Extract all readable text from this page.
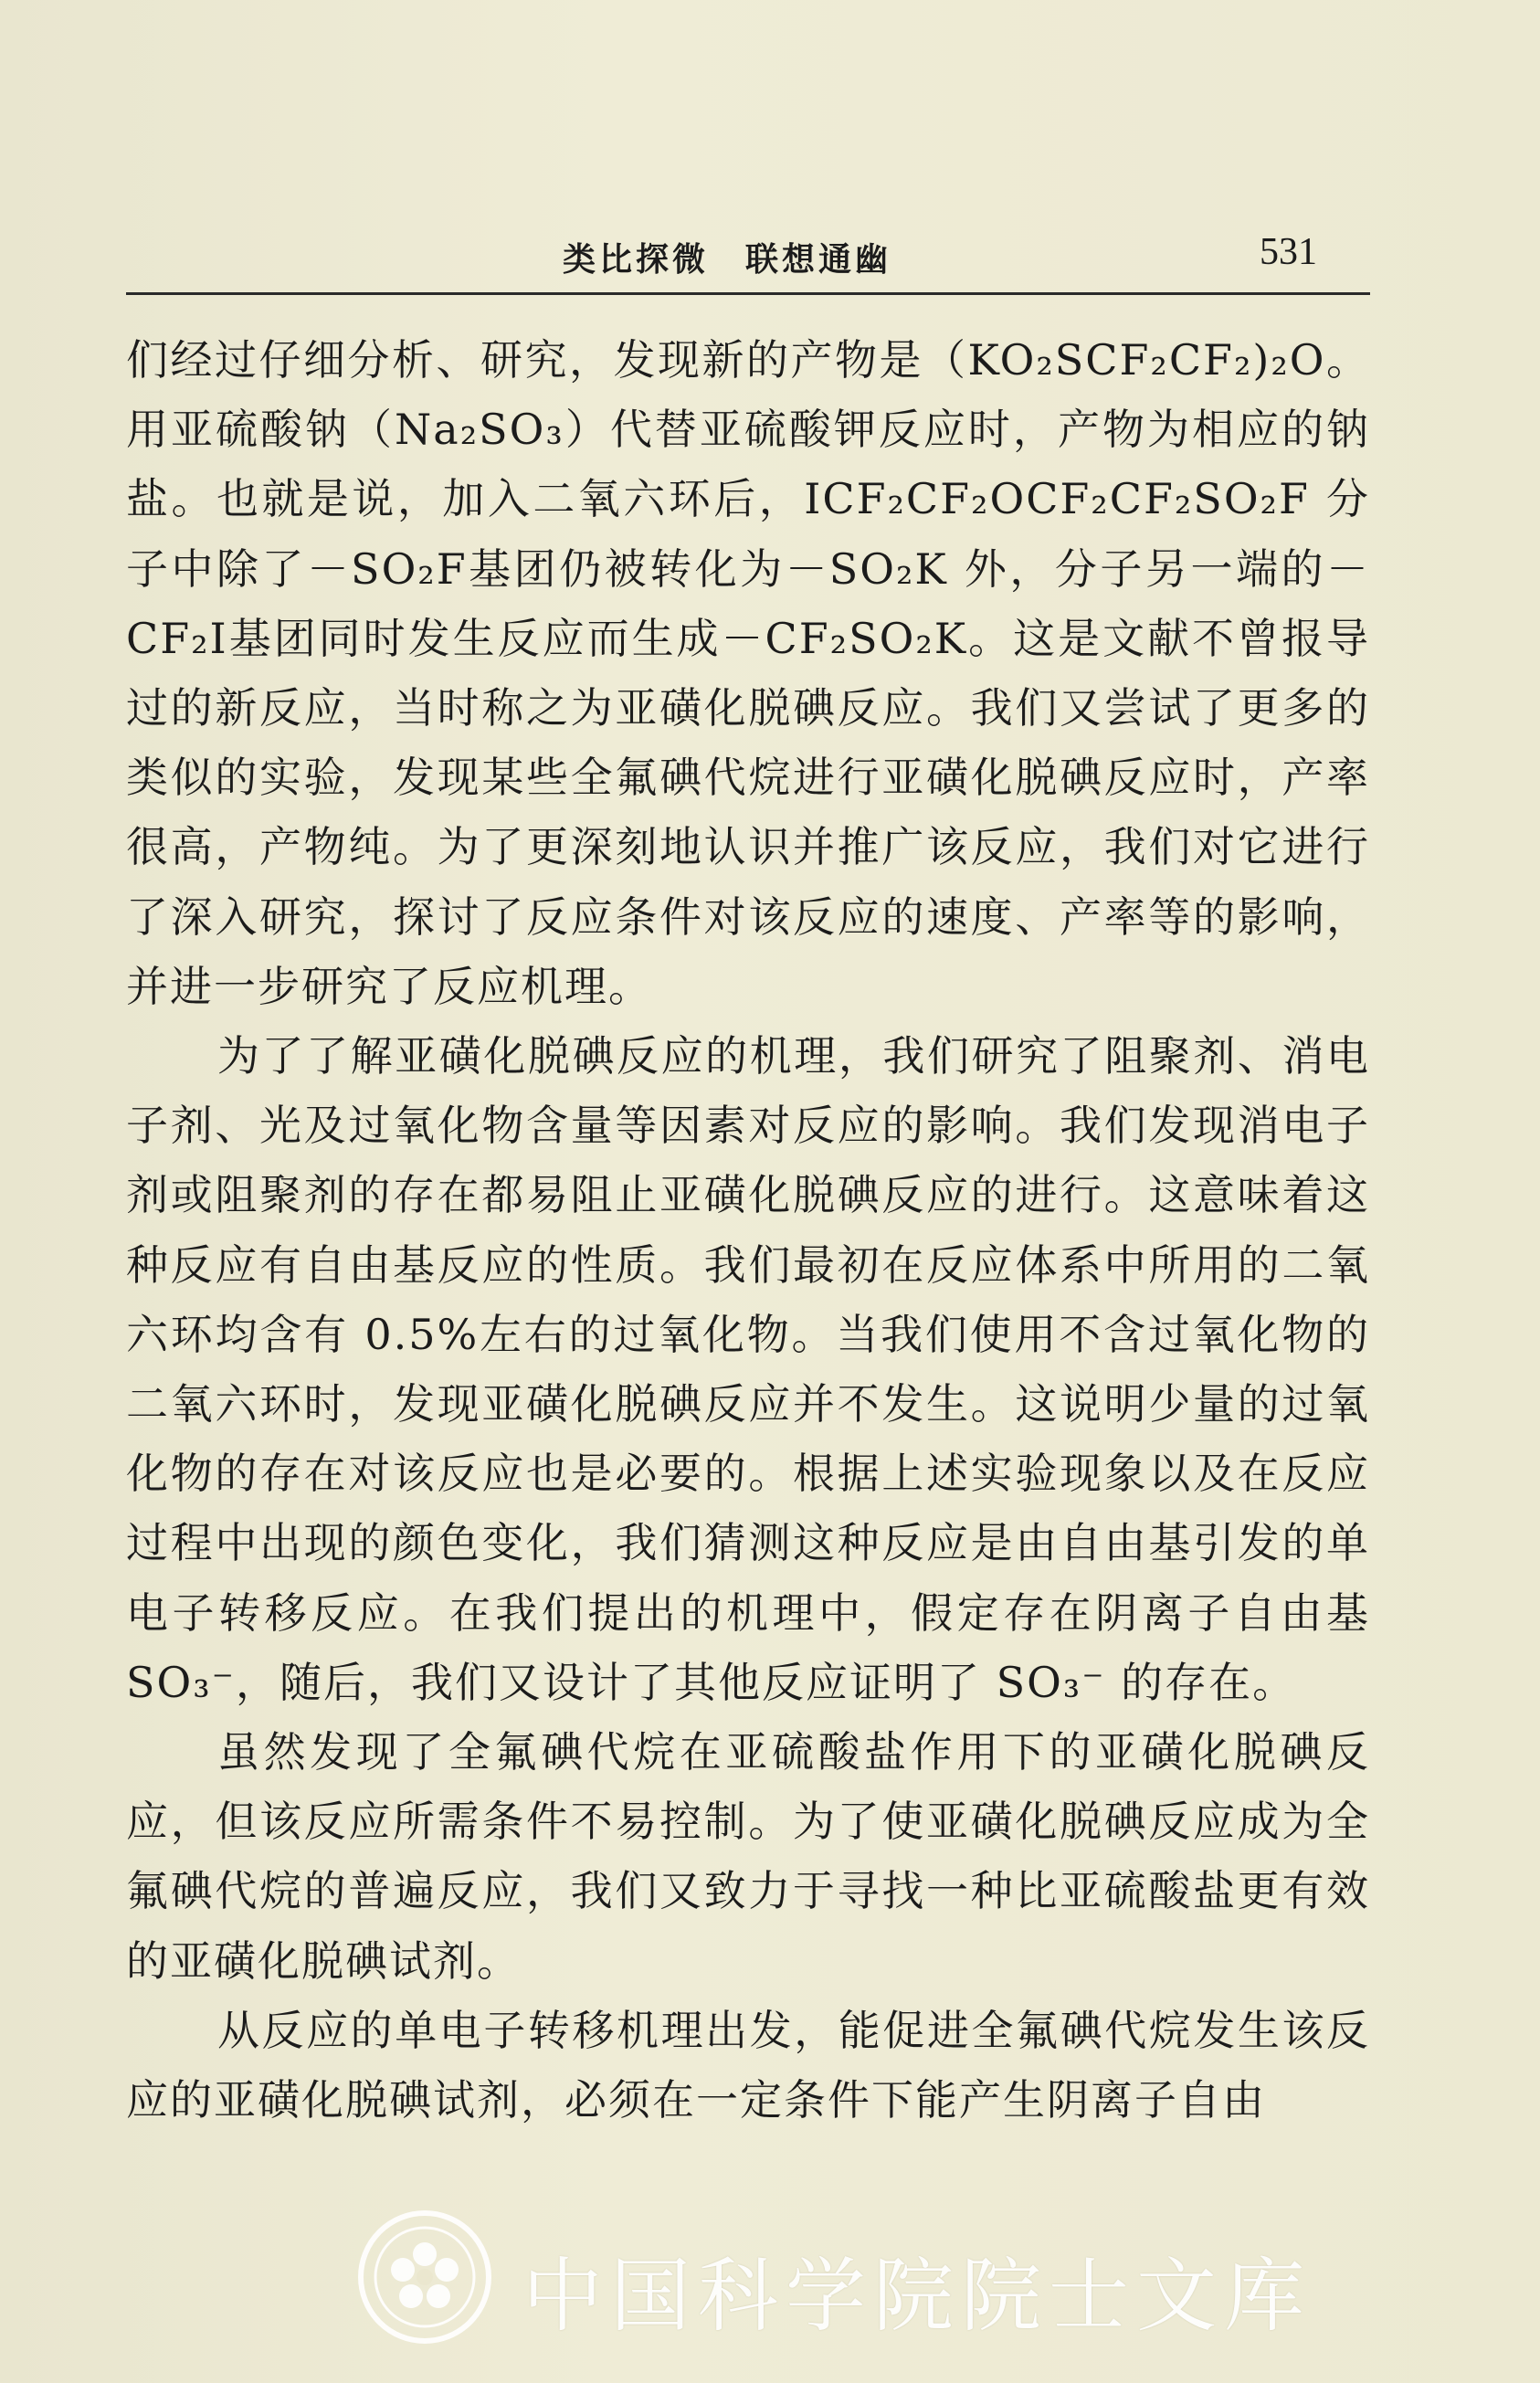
类比探微　联想通幽	531

们经过仔细分析、研究，发现新的产物是（KO₂SCF₂CF₂)₂O。用亚硫酸钠（Na₂SO₃）代替亚硫酸钾反应时，产物为相应的钠盐。也就是说，加入二氧六环后，ICF₂CF₂OCF₂CF₂SO₂F 分子中除了－SO₂F基团仍被转化为－SO₂K 外，分子另一端的－CF₂I基团同时发生反应而生成－CF₂SO₂K。这是文献不曾报导过的新反应，当时称之为亚磺化脱碘反应。我们又尝试了更多的类似的实验，发现某些全氟碘代烷进行亚磺化脱碘反应时，产率很高，产物纯。为了更深刻地认识并推广该反应，我们对它进行了深入研究，探讨了反应条件对该反应的速度、产率等的影响，并进一步研究了反应机理。

为了了解亚磺化脱碘反应的机理，我们研究了阻聚剂、消电子剂、光及过氧化物含量等因素对反应的影响。我们发现消电子剂或阻聚剂的存在都易阻止亚磺化脱碘反应的进行。这意味着这种反应有自由基反应的性质。我们最初在反应体系中所用的二氧六环均含有 0.5%左右的过氧化物。当我们使用不含过氧化物的二氧六环时，发现亚磺化脱碘反应并不发生。这说明少量的过氧化物的存在对该反应也是必要的。根据上述实验现象以及在反应过程中出现的颜色变化，我们猜测这种反应是由自由基引发的单电子转移反应。在我们提出的机理中，假定存在阴离子自由基 SO₃⁻，随后，我们又设计了其他反应证明了 SO₃⁻ 的存在。

虽然发现了全氟碘代烷在亚硫酸盐作用下的亚磺化脱碘反应，但该反应所需条件不易控制。为了使亚磺化脱碘反应成为全氟碘代烷的普遍反应，我们又致力于寻找一种比亚硫酸盐更有效的亚磺化脱碘试剂。

从反应的单电子转移机理出发，能促进全氟碘代烷发生该反应的亚磺化脱碘试剂，必须在一定条件下能产生阴离子自由

中国科学院院士文库
